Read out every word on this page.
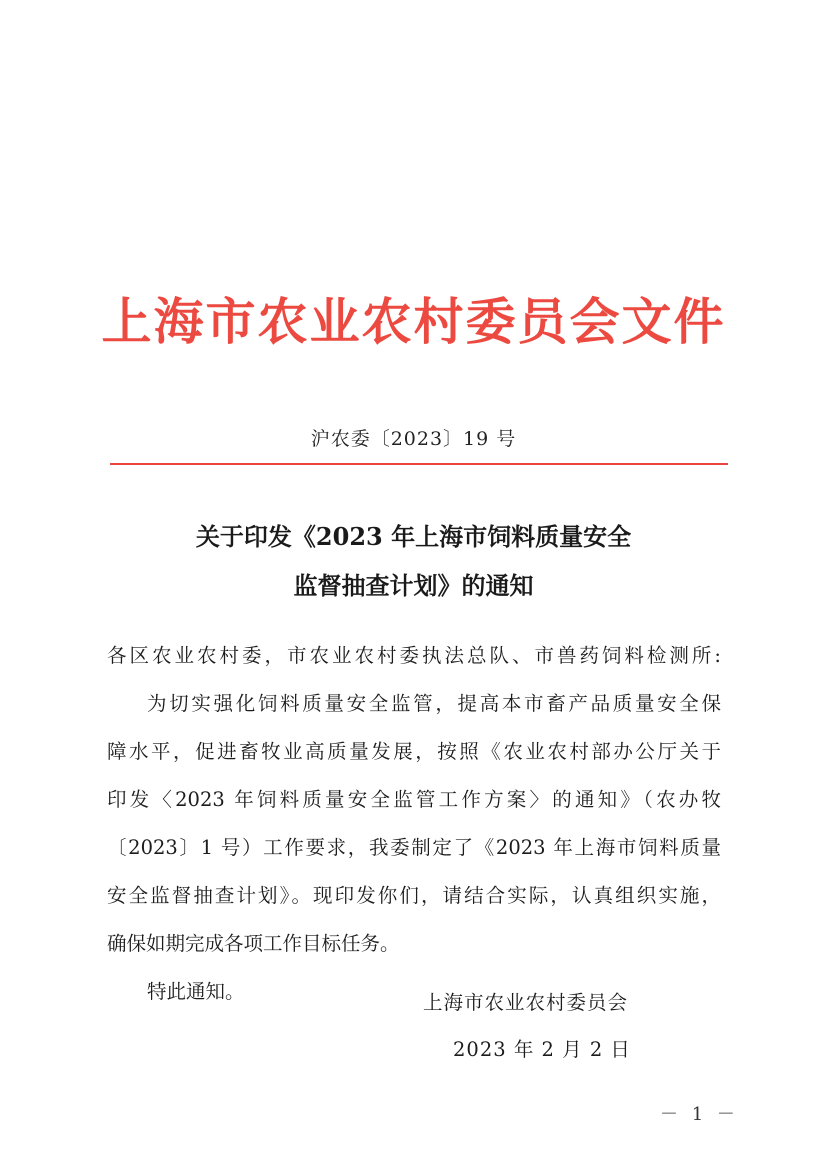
上海市农业农村委员会文件
沪农委〔2023〕19 号
关于印发《2023 年上海市饲料质量安全
监督抽查计划》的通知
各区农业农村委，市农业农村委执法总队、市兽药饲料检测所:
为切实强化饲料质量安全监管，提高本市畜产品质量安全保
障水平，促进畜牧业高质量发展，按照《农业农村部办公厅关于
印发〈2023 年饲料质量安全监管工作方案〉的通知》（农办牧
〔2023〕1 号）工作要求，我委制定了《2023 年上海市饲料质量
安全监督抽查计划》。现印发你们，请结合实际，认真组织实施，
确保如期完成各项工作目标任务。
特此通知。	上海市农业农村委员会
2023 年 2 月 2 日
－ 1 －
